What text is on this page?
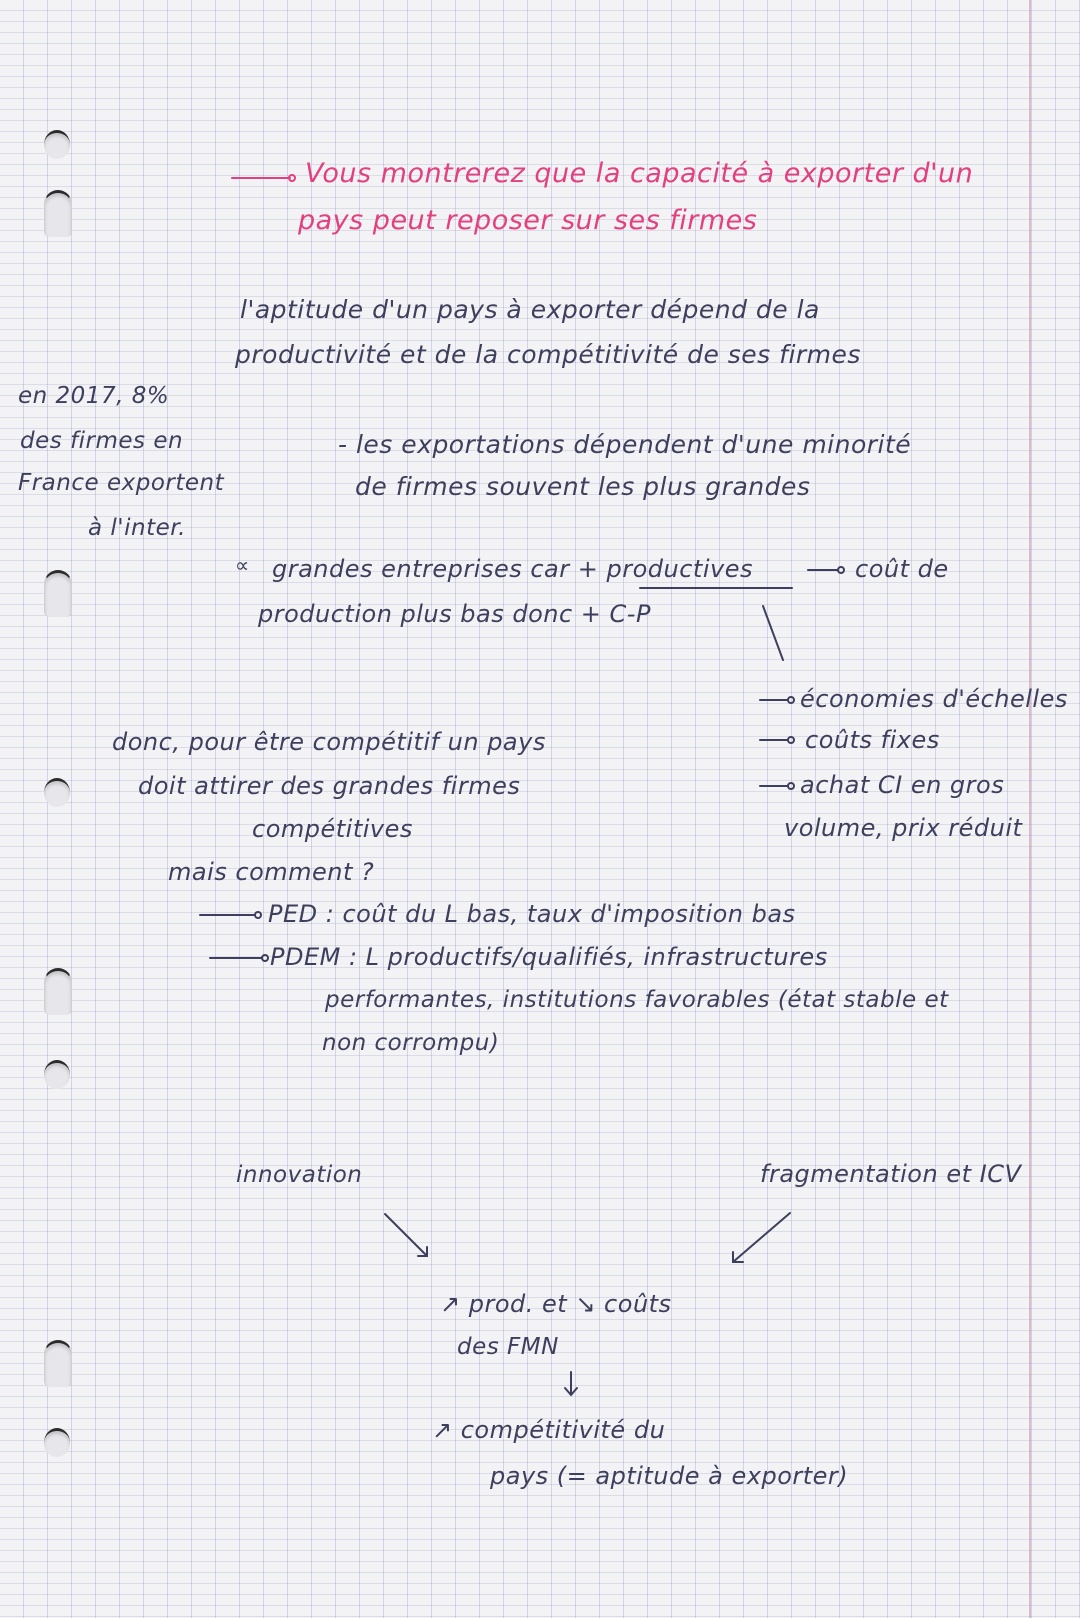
Vous montrerez que la capacité à exporter d'un
pays peut reposer sur ses firmes
l'aptitude d'un pays à exporter dépend de la
productivité et de la compétitivité de ses firmes
en 2017, 8%
des firmes en
France exportent
à l'inter.
- les exportations dépendent d'une minorité
de firmes souvent les plus grandes
∝ grandes entreprises car + productives	coût de
production plus bas donc + C-P
économies d'échelles
coûts fixes
achat CI en gros
volume, prix réduit
donc, pour être compétitif un pays
doit attirer des grandes firmes
compétitives
mais comment ?
PED : coût du L bas, taux d'imposition bas
PDEM : L productifs/qualifiés, infrastructures
performantes, institutions favorables (état stable et
non corrompu)
innovation	fragmentation et ICV
↗ prod. et ↘ coûts
des FMN
↗ compétitivité du
pays (= aptitude à exporter)
